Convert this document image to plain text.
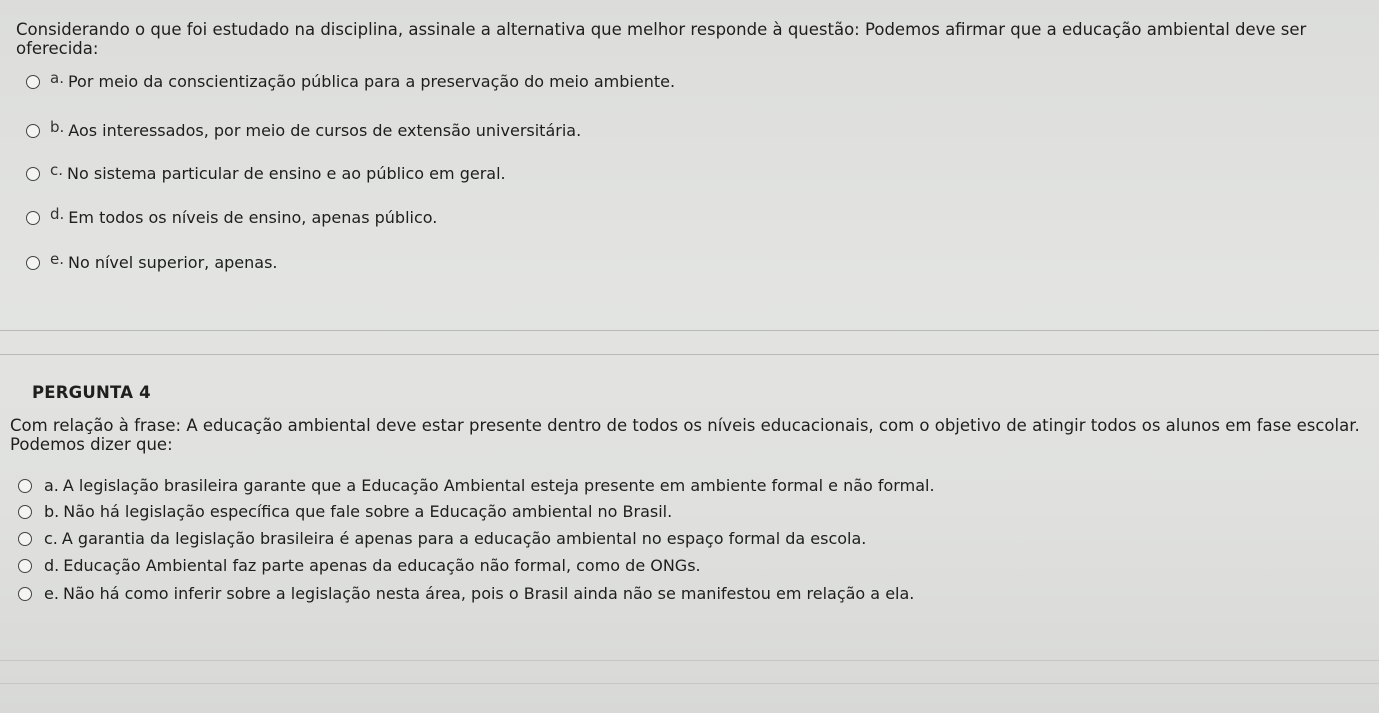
Considerando o que foi estudado na disciplina, assinale a alternativa que melhor responde à questão: Podemos afirmar que a educação ambiental deve ser oferecida:
a. Por meio da conscientização pública para a preservação do meio ambiente.
b. Aos interessados, por meio de cursos de extensão universitária.
c. No sistema particular de ensino e ao público em geral.
d. Em todos os níveis de ensino, apenas público.
e. No nível superior, apenas.
PERGUNTA 4
Com relação à frase: A educação ambiental deve estar presente dentro de todos os níveis educacionais, com o objetivo de atingir todos os alunos em fase escolar. Podemos dizer que:
a. A legislação brasileira garante que a Educação Ambiental esteja presente em ambiente formal e não formal.
b. Não há legislação específica que fale sobre a Educação ambiental no Brasil.
c. A garantia da legislação brasileira é apenas para a educação ambiental no espaço formal da escola.
d. Educação Ambiental faz parte apenas da educação não formal, como de ONGs.
e. Não há como inferir sobre a legislação nesta área, pois o Brasil ainda não se manifestou em relação a ela.
